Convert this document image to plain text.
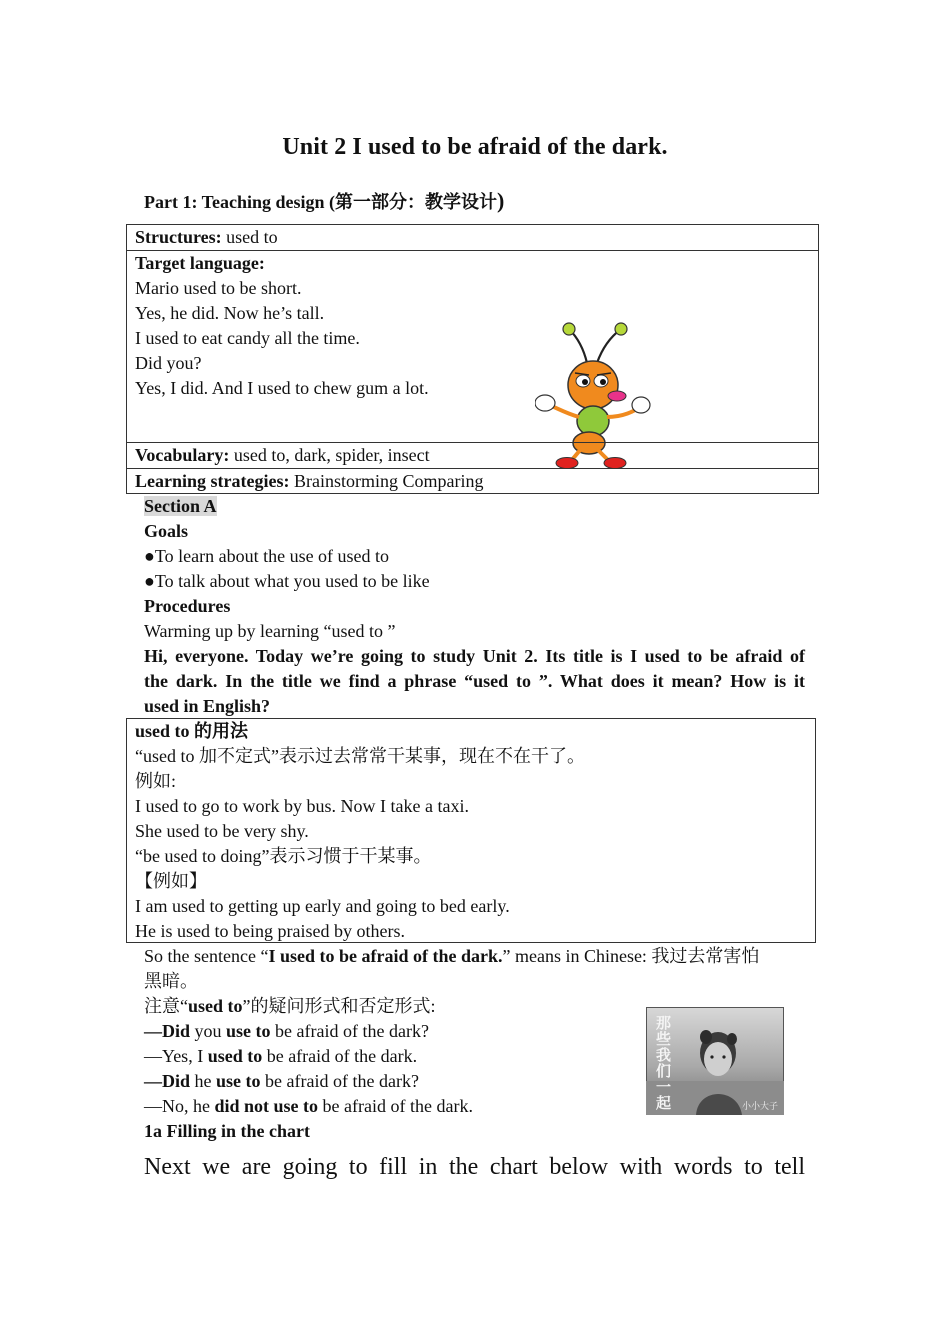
Unit 2 I used to be afraid of the dark.
Part 1: Teaching design (第一部分：教学设计)
Structures: used to
Target language:
Mario used to be short.
Yes, he did. Now he’s tall.
I used to eat candy all the time.
Did you?
Yes, I did. And I used to chew gum a lot.
Vocabulary: used to, dark, spider, insect
Learning strategies: Brainstorming Comparing
Section A
Goals
●To learn about the use of used to
●To talk about what you used to be like
Procedures
Warming up by learning “used to ”
Hi, everyone. Today we’re going to study Unit 2. Its title is I used to be afraid of
the dark. In the title we find a phrase “used to ”. What does it mean? How is it
used in English?
used to 的用法
“used to 加不定式”表示过去常常干某事，现在不在干了。
例如:
I used to go to work by bus. Now I take a taxi.
She used to be very shy.
“be used to doing”表示习惯于干某事。
【例如】
I am used to getting up early and going to bed early.
He is used to being praised by others.
So the sentence “I used to be afraid of the dark.” means in Chinese: 我过去常害怕
黑暗。
注意“used to”的疑问形式和否定形式:
—Did you use to be afraid of the dark?
—Yes, I used to be afraid of the dark.
—Did he use to be afraid of the dark?
—No, he did not use to be afraid of the dark.
那些我们一起	小小大子
1a Filling in the chart
Next we are going to fill in the chart below with words to tell
